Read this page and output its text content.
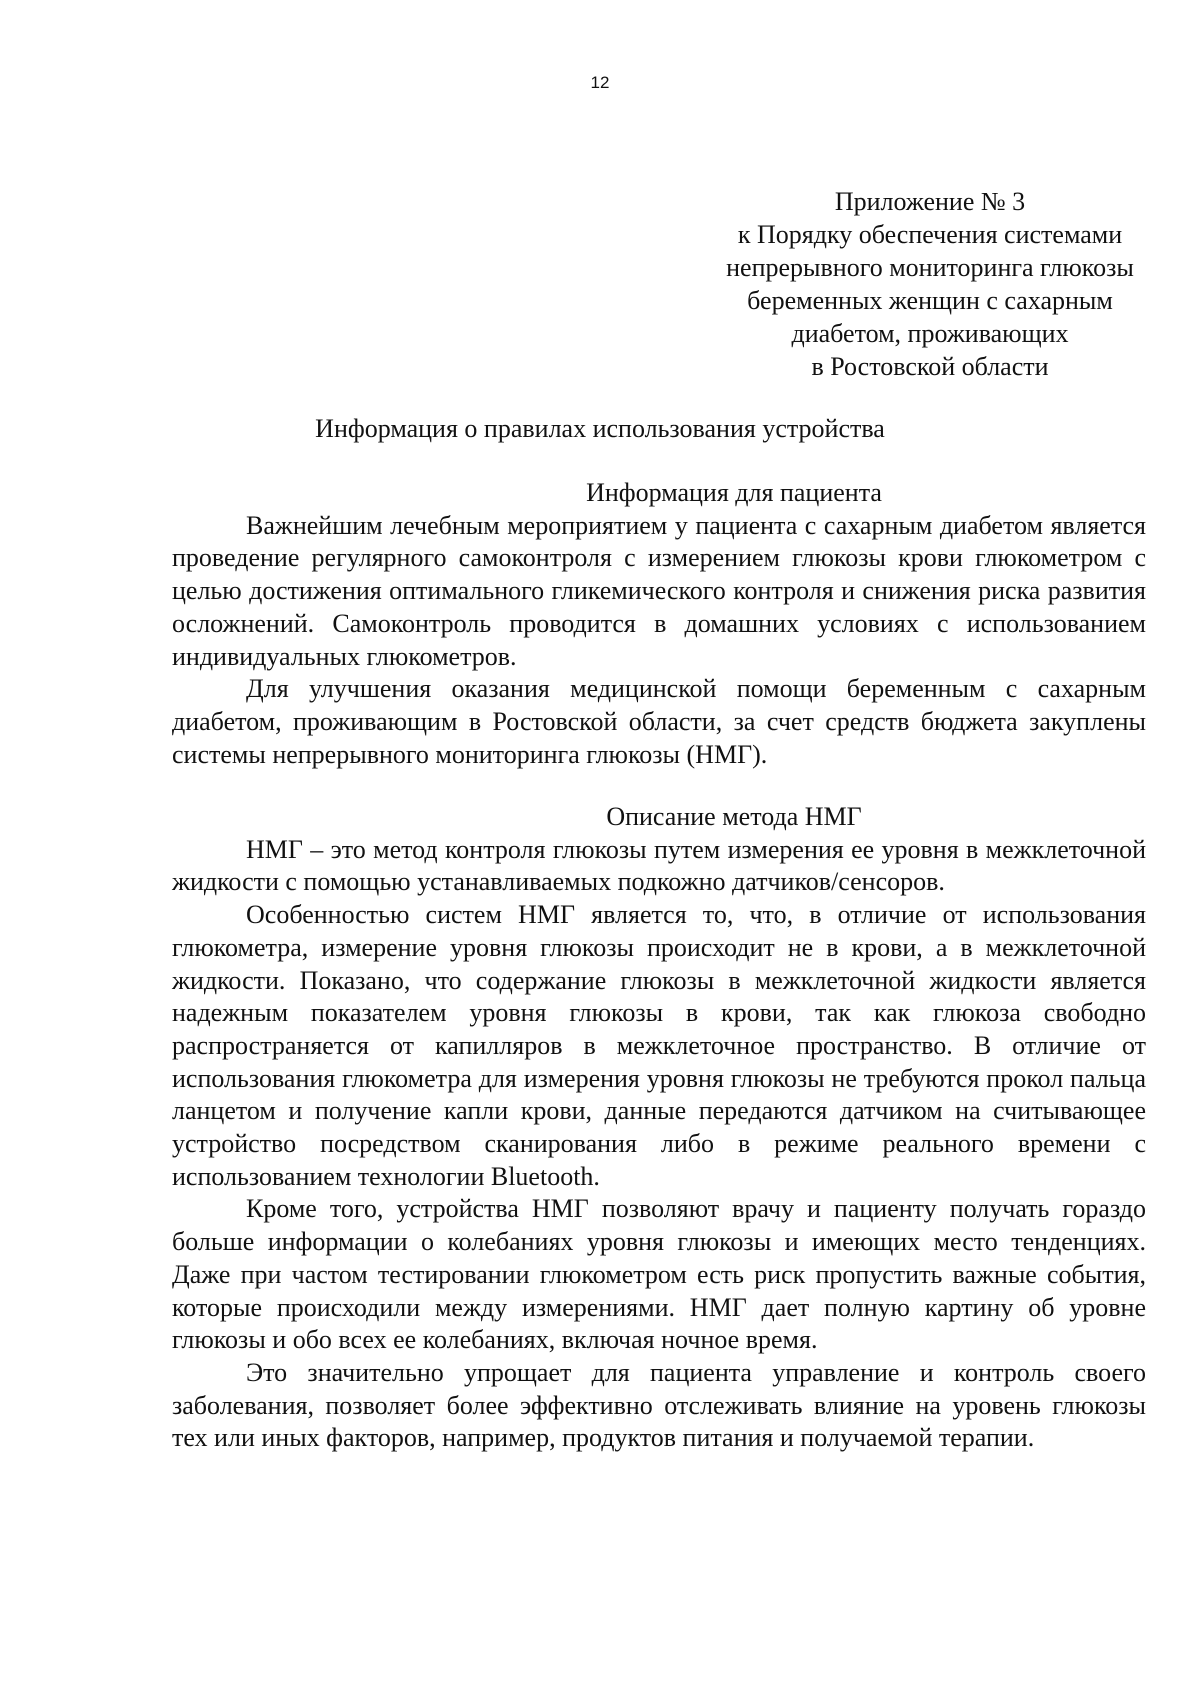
12
Приложение № 3
к Порядку обеспечения системами
непрерывного мониторинга глюкозы
беременных женщин с сахарным
диабетом, проживающих
в Ростовской области
Информация о правилах использования устройства
Информация для пациента

Важнейшим лечебным мероприятием у пациента с сахарным диабетом является проведение регулярного самоконтроля с измерением глюкозы крови глюкометром с целью достижения оптимального гликемического контроля и снижения риска развития осложнений. Самоконтроль проводится в домашних условиях с использованием индивидуальных глюкометров.

Для улучшения оказания медицинской помощи беременным с сахарным диабетом, проживающим в Ростовской области, за счет средств бюджета закуплены системы непрерывного мониторинга глюкозы (НМГ).

Описание метода НМГ

НМГ – это метод контроля глюкозы путем измерения ее уровня в межклеточной жидкости с помощью устанавливаемых подкожно датчиков/сенсоров.

Особенностью систем НМГ является то, что, в отличие от использования глюкометра, измерение уровня глюкозы происходит не в крови, а в межклеточной жидкости. Показано, что содержание глюкозы в межклеточной жидкости является надежным показателем уровня глюкозы в крови, так как глюкоза свободно распространяется от капилляров в межклеточное пространство. В отличие от использования глюкометра для измерения уровня глюкозы не требуются прокол пальца ланцетом и получение капли крови, данные передаются датчиком на считывающее устройство посредством сканирования либо в режиме реального времени с использованием технологии Bluetooth.

Кроме того, устройства НМГ позволяют врачу и пациенту получать гораздо больше информации о колебаниях уровня глюкозы и имеющих место тенденциях. Даже при частом тестировании глюкометром есть риск пропустить важные события, которые происходили между измерениями. НМГ дает полную картину об уровне глюкозы и обо всех ее колебаниях, включая ночное время.

Это значительно упрощает для пациента управление и контроль своего заболевания, позволяет более эффективно отслеживать влияние на уровень глюкозы тех или иных факторов, например, продуктов питания и получаемой терапии.
